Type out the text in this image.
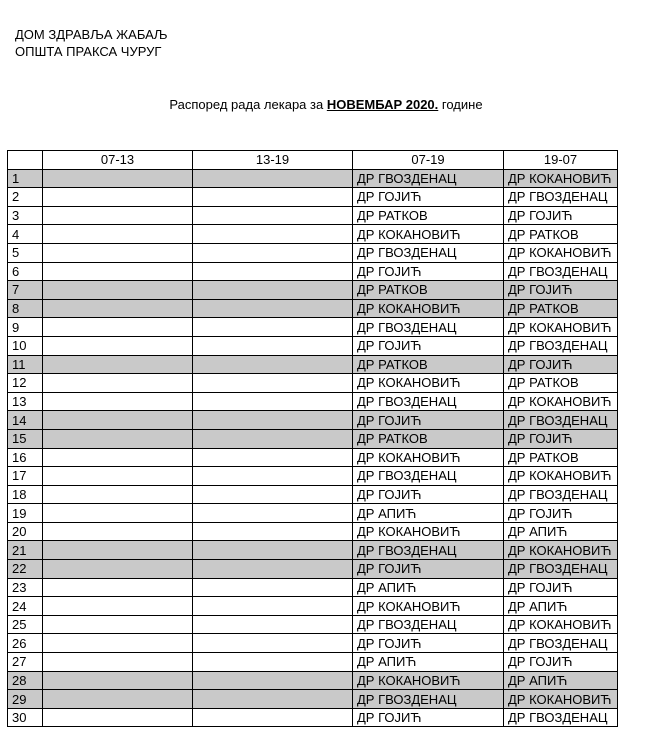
ДОМ ЗДРАВЉА ЖАБАЉ
ОПШТА ПРАКСА ЧУРУГ
Распоред рада лекара за НОВЕМБАР 2020. годинe
	07-13	13-19	07-19	19-07
1			ДР ГВОЗДЕНАЦ	ДР КОКАНОВИЋ
2			ДР ГОЈИЋ	ДР ГВОЗДЕНАЦ
3			ДР РАТКОВ	ДР ГОЈИЋ
4			ДР КОКАНОВИЋ	ДР РАТКОВ
5			ДР ГВОЗДЕНАЦ	ДР КОКАНОВИЋ
6			ДР ГОЈИЋ	ДР ГВОЗДЕНАЦ
7			ДР РАТКОВ	ДР ГОЈИЋ
8			ДР КОКАНОВИЋ	ДР РАТКОВ
9			ДР ГВОЗДЕНАЦ	ДР КОКАНОВИЋ
10			ДР ГОЈИЋ	ДР ГВОЗДЕНАЦ
11			ДР РАТКОВ	ДР ГОЈИЋ
12			ДР КОКАНОВИЋ	ДР РАТКОВ
13			ДР ГВОЗДЕНАЦ	ДР КОКАНОВИЋ
14			ДР ГОЈИЋ	ДР ГВОЗДЕНАЦ
15			ДР РАТКОВ	ДР ГОЈИЋ
16			ДР КОКАНОВИЋ	ДР РАТКОВ
17			ДР ГВОЗДЕНАЦ	ДР КОКАНОВИЋ
18			ДР ГОЈИЋ	ДР ГВОЗДЕНАЦ
19			ДР АПИЋ	ДР ГОЈИЋ
20			ДР КОКАНОВИЋ	ДР АПИЋ
21			ДР ГВОЗДЕНАЦ	ДР КОКАНОВИЋ
22			ДР ГОЈИЋ	ДР ГВОЗДЕНАЦ
23			ДР АПИЋ	ДР ГОЈИЋ
24			ДР КОКАНОВИЋ	ДР АПИЋ
25			ДР ГВОЗДЕНАЦ	ДР КОКАНОВИЋ
26			ДР ГОЈИЋ	ДР ГВОЗДЕНАЦ
27			ДР АПИЋ	ДР ГОЈИЋ
28			ДР КОКАНОВИЋ	ДР АПИЋ
29			ДР ГВОЗДЕНАЦ	ДР КОКАНОВИЋ
30			ДР ГОЈИЋ	ДР ГВОЗДЕНАЦ
